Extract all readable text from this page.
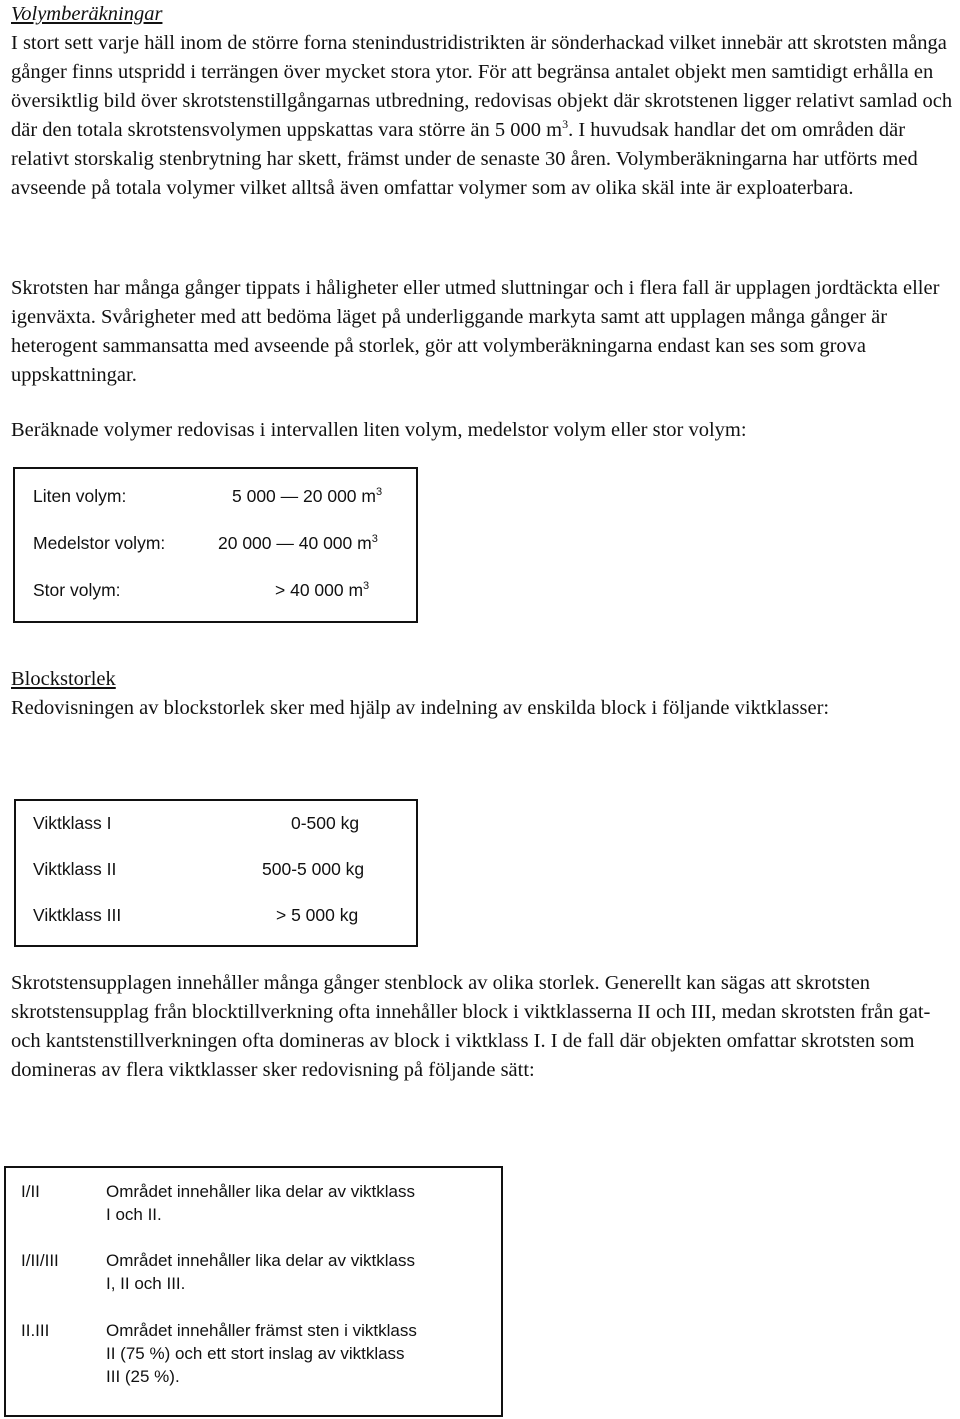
Volymberäkningar

I stort sett varje häll inom de större forna stenindustridistrikten är sönderhackad vilket innebär att skrotsten många gånger finns utspridd i terrängen över mycket stora ytor. För att begränsa antalet objekt men samtidigt erhålla en översiktlig bild över skrotstenstillgångarnas utbredning, redovisas objekt där skrotstenen ligger relativt samlad och där den totala skrotstensvolymen uppskattas vara större än 5 000 $m^3$. I huvudsak handlar det om områden där relativt storskalig stenbrytning har skett, främst under de senaste 30 åren. Volymberäkningarna har utförts med avseende på totala volymer vilket alltså även omfattar volymer som av olika skäl inte är exploaterbara.

Skrotsten har många gånger tippats i håligheter eller utmed sluttningar och i flera fall är upplagen jordtäckta eller igenväxta. Svårigheter med att bedöma läget på underliggande markyta samt att upplagen många gånger är heterogent sammansatta med avseende på storlek, gör att volymberäkningarna endast kan ses som grova uppskattningar.

Beräknade volymer redovisas i intervallen liten volym, medelstor volym eller stor volym:

Liten volym:	5 000 — 20 000 $m^3$
Medelstor volym:	20 000 — 40 000 $m^3$
Stor volym:	> 40 000 $m^3$
Blockstorlek

Redovisningen av blockstorlek sker med hjälp av indelning av enskilda block i följande viktklasser:

Viktklass I	0-500 kg
Viktklass II	500-5 000 kg
Viktklass III	> 5 000 kg

Skrotstensupplagen innehåller många gånger stenblock av olika storlek. Generellt kan sägas att skrotsten skrotstensupplag från blocktillverkning ofta innehåller block i viktklasserna II och III, medan skrotsten från gat- och kantstenstillverkningen ofta domineras av block i viktklass I. I de fall där objekten omfattar skrotsten som domineras av flera viktklasser sker redovisning på följande sätt:

I/II	Området innehåller lika delar av viktklass
I och II.
I/II/III	Området innehåller lika delar av viktklass
I, II och III.
II.III	Området innehåller främst sten i viktklass
II (75 %) och ett stort inslag av viktklass
III (25 %).
